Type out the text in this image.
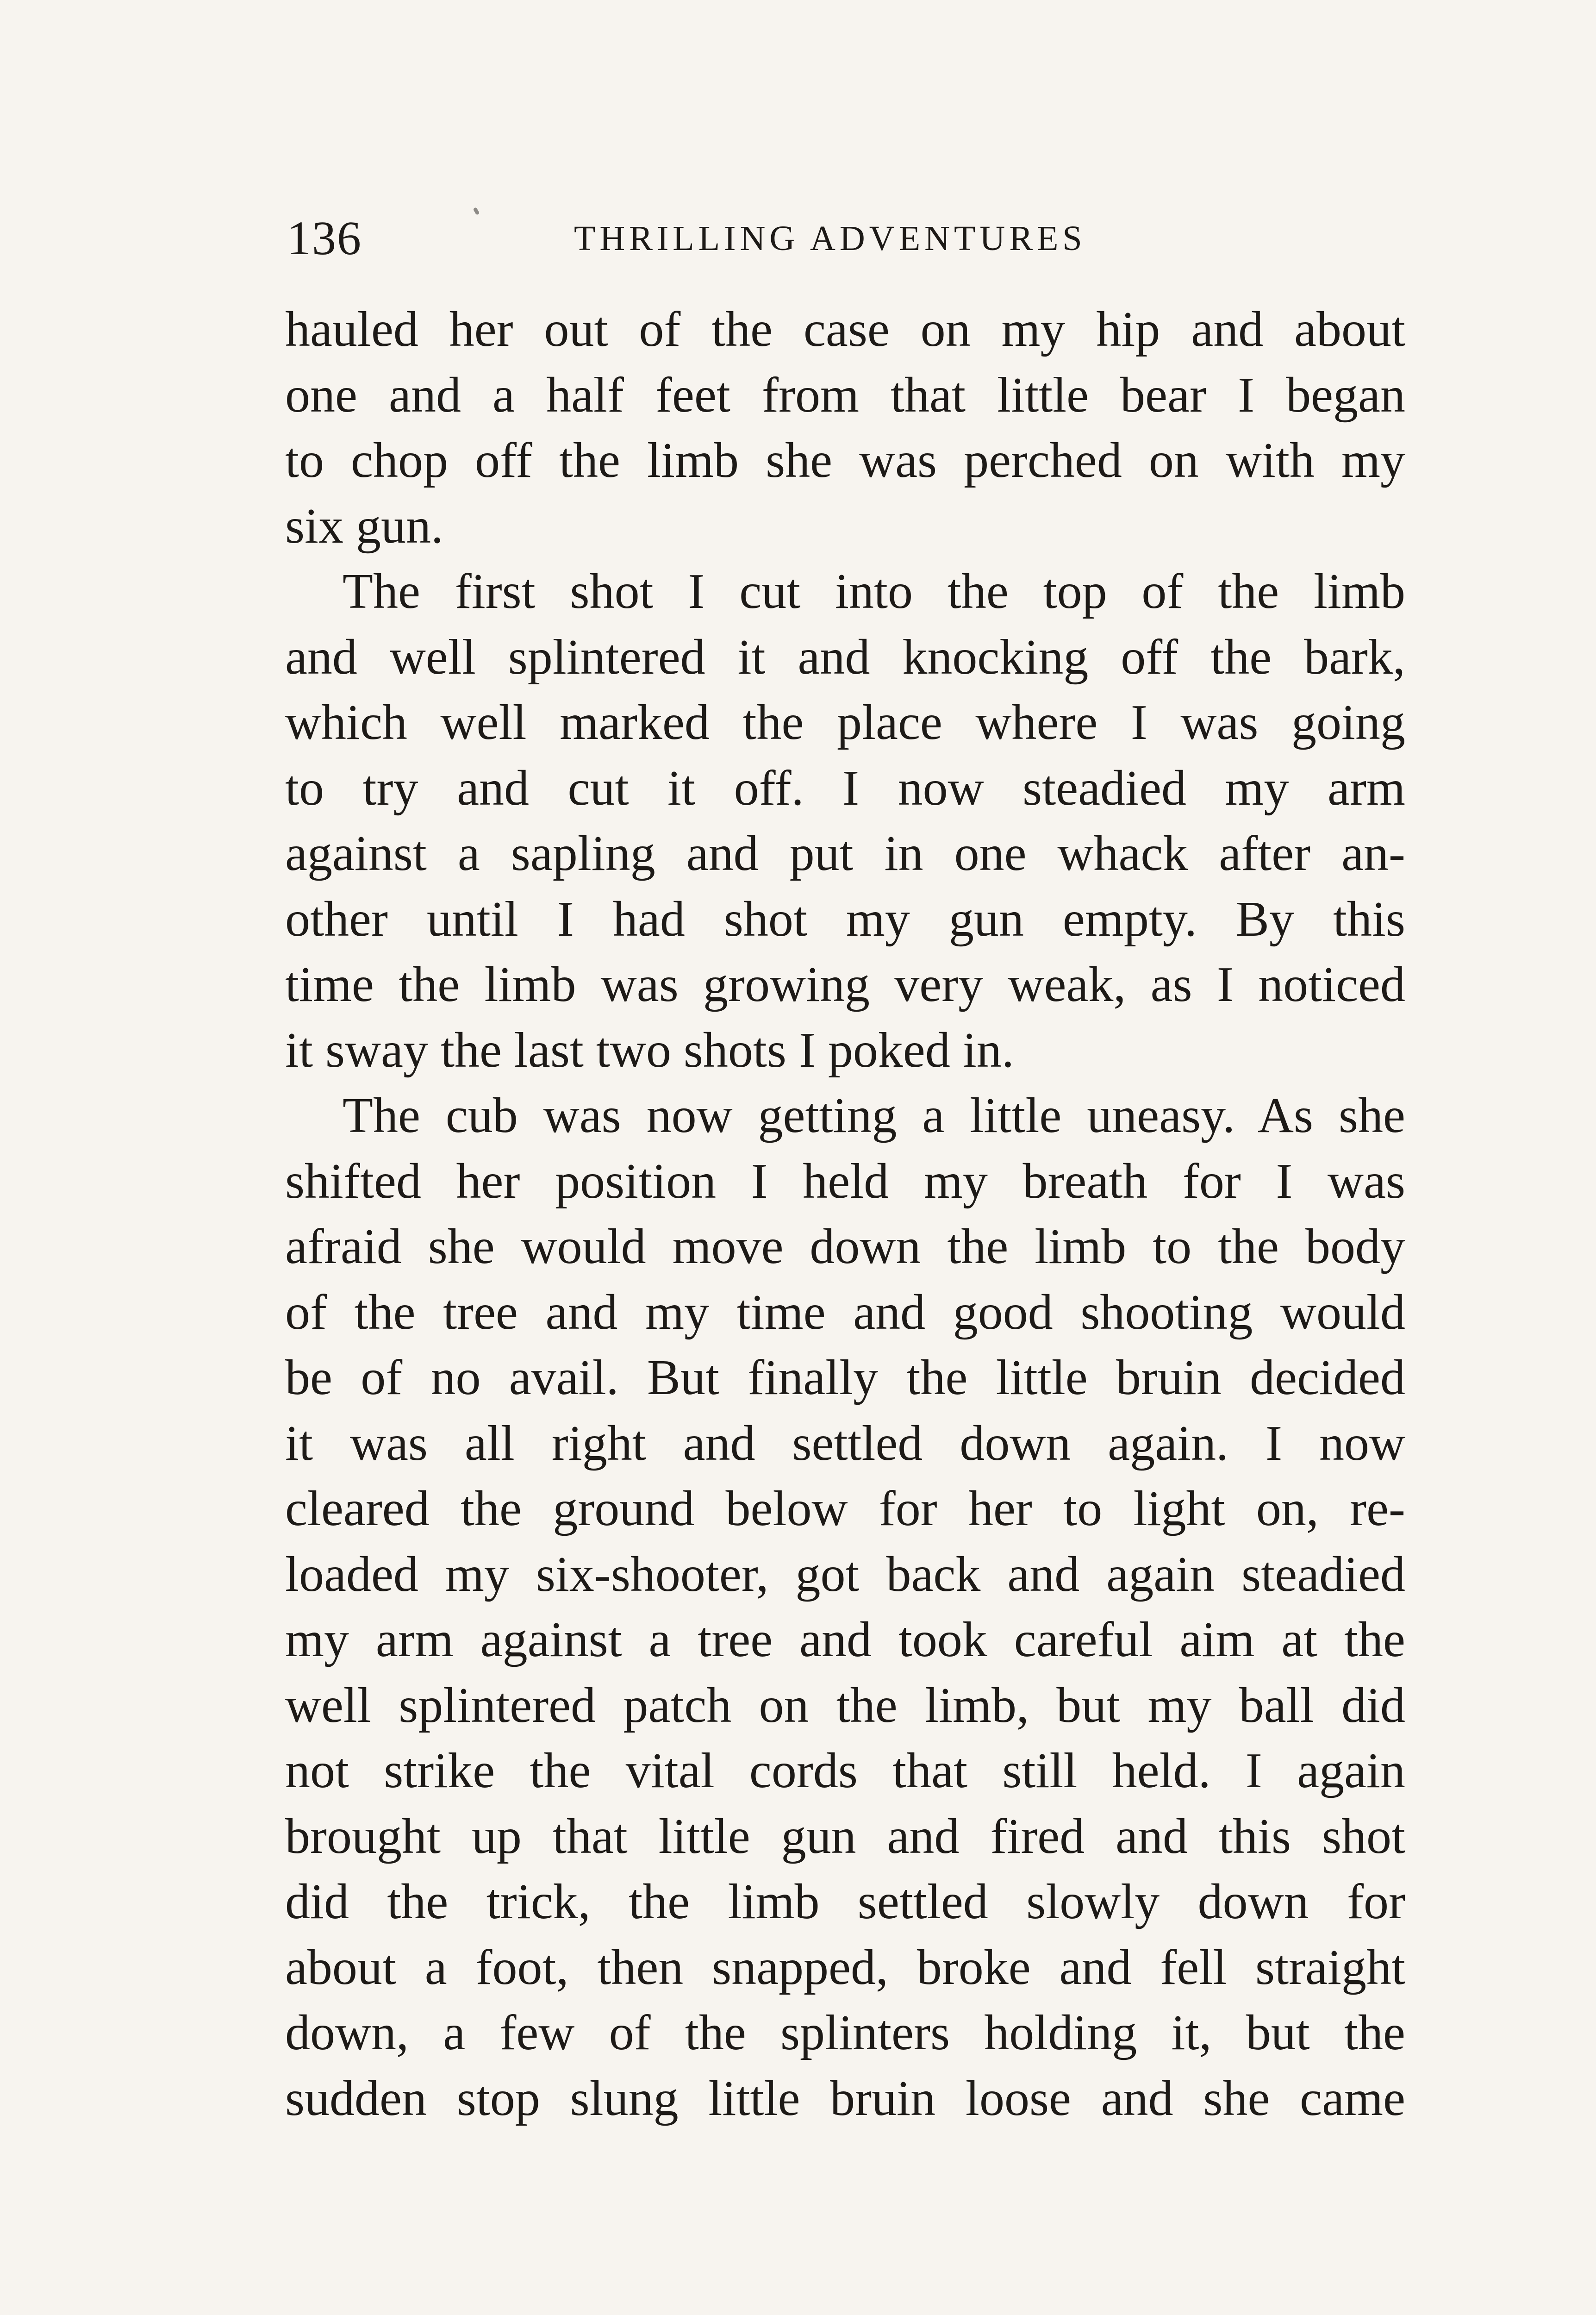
136	THRILLING ADVENTURES
hauled her out of the case on my hip and about
one and a half feet from that little bear I began
to chop off the limb she was perched on with my
six gun.
The first shot I cut into the top of the limb
and well splintered it and knocking off the bark,
which well marked the place where I was going
to try and cut it off. I now steadied my arm
against a sapling and put in one whack after an-
other until I had shot my gun empty. By this
time the limb was growing very weak, as I noticed
it sway the last two shots I poked in.
The cub was now getting a little uneasy. As she
shifted her position I held my breath for I was
afraid she would move down the limb to the body
of the tree and my time and good shooting would
be of no avail. But finally the little bruin decided
it was all right and settled down again. I now
cleared the ground below for her to light on, re-
loaded my six-shooter, got back and again steadied
my arm against a tree and took careful aim at the
well splintered patch on the limb, but my ball did
not strike the vital cords that still held. I again
brought up that little gun and fired and this shot
did the trick, the limb settled slowly down for
about a foot, then snapped, broke and fell straight
down, a few of the splinters holding it, but the
sudden stop slung little bruin loose and she came
